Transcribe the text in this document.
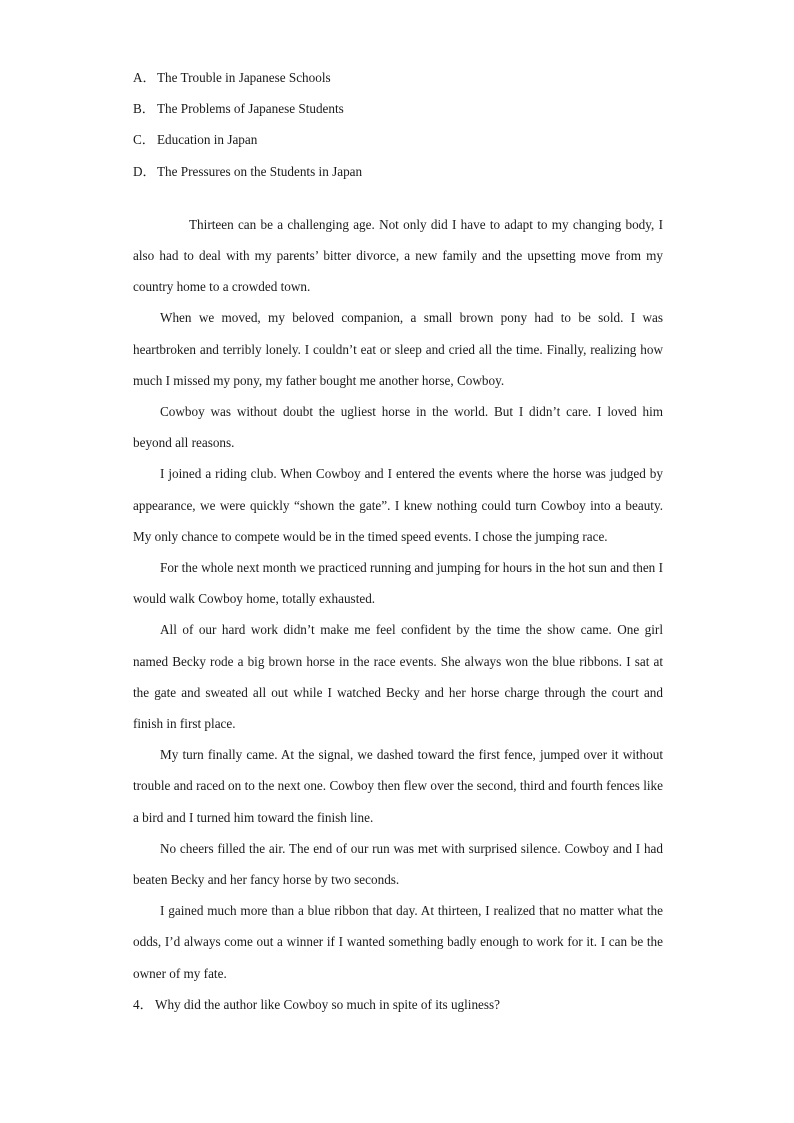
A．The Trouble in Japanese Schools

B． The Problems of Japanese Students

C． Education in Japan

D．The Pressures on the Students in Japan

Thirteen can be a challenging age. Not only did I have to adapt to my changing body, I also had to deal with my parents’ bitter divorce, a new family and the upsetting move from my country home to a crowded town.

When we moved, my beloved companion, a small brown pony had to be sold. I was heartbroken and terribly lonely. I couldn’t eat or sleep and cried all the time. Finally, realizing how much I missed my pony, my father bought me another horse, Cowboy.

Cowboy was without doubt the ugliest horse in the world. But I didn’t care. I loved him beyond all reasons.

I joined a riding club. When Cowboy and I entered the events where the horse was judged by appearance, we were quickly “shown the gate”. I knew nothing could turn Cowboy into a beauty. My only chance to compete would be in the timed speed events. I chose the jumping race.

For the whole next month we practiced running and jumping for hours in the hot sun and then I would walk Cowboy home, totally exhausted.

All of our hard work didn’t make me feel confident by the time the show came. One girl named Becky rode a big brown horse in the race events. She always won the blue ribbons. I sat at the gate and sweated all out while I watched Becky and her horse charge through the court and finish in first place.

My turn finally came. At the signal, we dashed toward the first fence, jumped over it without trouble and raced on to the next one. Cowboy then flew over the second, third and fourth fences like a bird and I turned him toward the finish line.

No cheers filled the air. The end of our run was met with surprised silence. Cowboy and I had beaten Becky and her fancy horse by two seconds.

I gained much more than a blue ribbon that day. At thirteen, I realized that no matter what the odds, I’d always come out a winner if I wanted something badly enough to work for it. I can be the owner of my fate.

4． Why did the author like Cowboy so much in spite of its ugliness?
